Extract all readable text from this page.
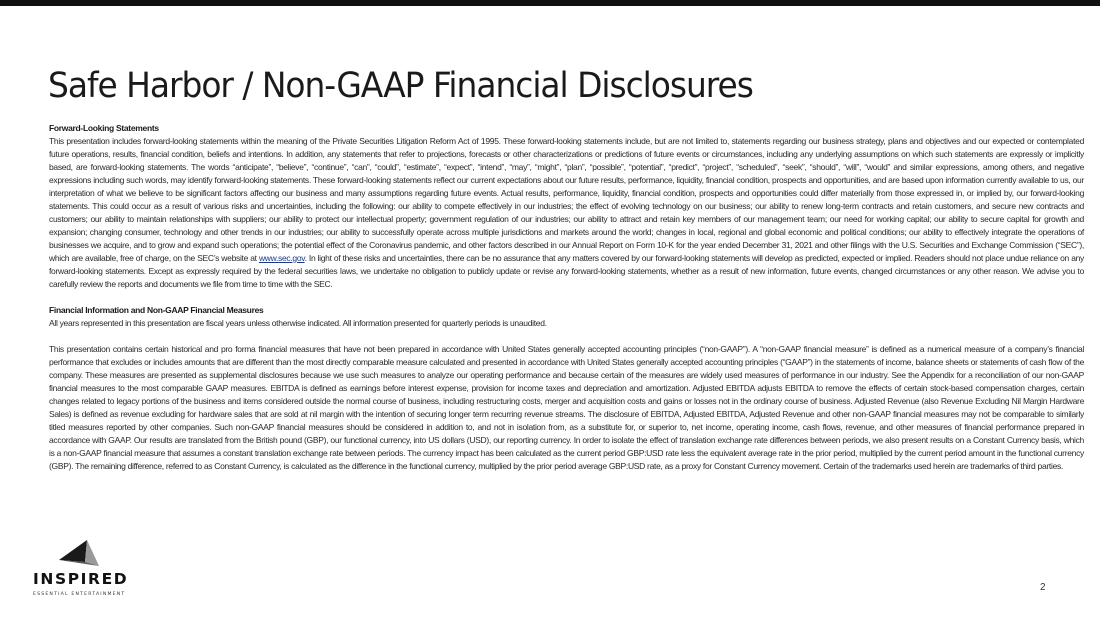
Safe Harbor / Non-GAAP Financial Disclosures
Forward-Looking Statements

This presentation includes forward-looking statements within the meaning of the Private Securities Litigation Reform Act of 1995. These forward-looking statements include, but are not limited to, statements regarding our business strategy, plans and objectives and our expected or contemplated future operations, results, financial condition, beliefs and intentions. In addition, any statements that refer to projections, forecasts or other characterizations or predictions of future events or circumstances, including any underlying assumptions on which such statements are expressly or implicitly based, are forward-looking statements. The words “anticipate”, “believe”, “continue”, “can”, “could”, “estimate”, “expect”, “intend”, “may”, “might”, “plan”, “possible”, “potential”, “predict”, “project”, “scheduled”, “seek”, “should”, “will”, “would” and similar expressions, among others, and negative expressions including such words, may identify forward-looking statements. These forward-looking statements reflect our current expectations about our future results, performance, liquidity, financial condition, prospects and opportunities, and are based upon information currently available to us, our interpretation of what we believe to be significant factors affecting our business and many assumptions regarding future events. Actual results, performance, liquidity, financial condition, prospects and opportunities could differ materially from those expressed in, or implied by, our forward-looking statements. This could occur as a result of various risks and uncertainties, including the following: our ability to compete effectively in our industries; the effect of evolving technology on our business; our ability to renew long-term contracts and retain customers, and secure new contracts and customers; our ability to maintain relationships with suppliers; our ability to protect our intellectual property; government regulation of our industries; our ability to attract and retain key members of our management team; our need for working capital; our ability to secure capital for growth and expansion; changing consumer, technology and other trends in our industries; our ability to successfully operate across multiple jurisdictions and markets around the world; changes in local, regional and global economic and political conditions; our ability to effectively integrate the operations of businesses we acquire, and to grow and expand such operations; the potential effect of the Coronavirus pandemic, and other factors described in our Annual Report on Form 10-K for the year ended December 31, 2021 and other filings with the U.S. Securities and Exchange Commission (“SEC”), which are available, free of charge, on the SEC’s website at www.sec.gov. In light of these risks and uncertainties, there can be no assurance that any matters covered by our forward-looking statements will develop as predicted, expected or implied. Readers should not place undue reliance on any forward-looking statements. Except as expressly required by the federal securities laws, we undertake no obligation to publicly update or revise any forward-looking statements, whether as a result of new information, future events, changed circumstances or any other reason. We advise you to carefully review the reports and documents we file from time to time with the SEC.

Financial Information and Non-GAAP Financial Measures

All years represented in this presentation are fiscal years unless otherwise indicated. All information presented for quarterly periods is unaudited.

This presentation contains certain historical and pro forma financial measures that have not been prepared in accordance with United States generally accepted accounting principles (“non-GAAP”). A “non-GAAP financial measure” is defined as a numerical measure of a company’s financial performance that excludes or includes amounts that are different than the most directly comparable measure calculated and presented in accordance with United States generally accepted accounting principles (“GAAP”) in the statements of income, balance sheets or statements of cash flow of the company. These measures are presented as supplemental disclosures because we use such measures to analyze our operating performance and because certain of the measures are widely used measures of performance in our industry. See the Appendix for a reconciliation of our non-GAAP financial measures to the most comparable GAAP measures. EBITDA is defined as earnings before interest expense, provision for income taxes and depreciation and amortization. Adjusted EBITDA adjusts EBITDA to remove the effects of certain stock-based compensation charges, certain changes related to legacy portions of the business and items considered outside the normal course of business, including restructuring costs, merger and acquisition costs and gains or losses not in the ordinary course of business. Adjusted Revenue (also Revenue Excluding Nil Margin Hardware Sales) is defined as revenue excluding for hardware sales that are sold at nil margin with the intention of securing longer term recurring revenue streams. The disclosure of EBITDA, Adjusted EBITDA, Adjusted Revenue and other non-GAAP financial measures may not be comparable to similarly titled measures reported by other companies. Such non-GAAP financial measures should be considered in addition to, and not in isolation from, as a substitute for, or superior to, net income, operating income, cash flows, revenue, and other measures of financial performance prepared in accordance with GAAP. Our results are translated from the British pound (GBP), our functional currency, into US dollars (USD), our reporting currency. In order to isolate the effect of translation exchange rate differences between periods, we also present results on a Constant Currency basis, which is a non-GAAP financial measure that assumes a constant translation exchange rate between periods. The currency impact has been calculated as the current period GBP:USD rate less the equivalent average rate in the prior period, multiplied by the current period amount in the functional currency (GBP). The remaining difference, referred to as Constant Currency, is calculated as the difference in the functional currency, multiplied by the prior period average GBP:USD rate, as a proxy for Constant Currency movement. Certain of the trademarks used herein are trademarks of third parties.

INSPIRED
ESSENTIAL ENTERTAINMENT
2
